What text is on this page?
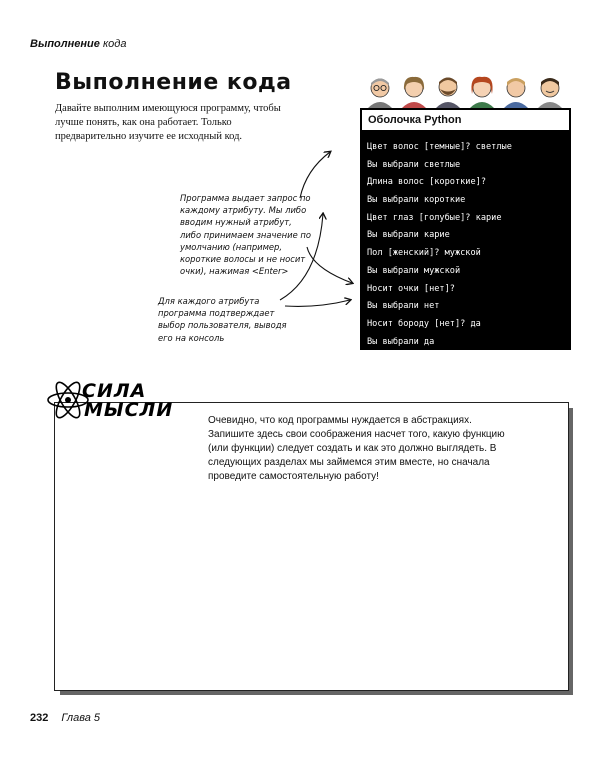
Выполнение кода
Выполнение кода
Давайте выполним имеющуюся программу, чтобы лучше понять, как она работает. Только предварительно изучите ее исходный код.
Оболочка Python
Цвет волос [темные]? светлые
Вы выбрали светлые
Длина волос [короткие]?
Вы выбрали короткие
Цвет глаз [голубые]? карие
Вы выбрали карие
Пол [женский]? мужской
Вы выбрали мужской
Носит очки [нет]?
Вы выбрали нет
Носит бороду [нет]? да
Вы выбрали да
Программа выдает запрос по каждому атрибуту. Мы либо вводим нужный атрибут, либо принимаем значение по умолчанию (например, короткие волосы и не носит очки), нажимая <Enter>
Для каждого атрибута программа подтверждает выбор пользователя, выводя его на консоль
СИЛА
МЫСЛИ	Очевидно, что код программы нуждается в абстракциях. Запишите здесь свои соображения насчет того, какую функцию (или функции) следует создать и как это должно выглядеть. В следующих разделах мы займемся этим вместе, но сначала проведите самостоятельную работу!
232 Глава 5
